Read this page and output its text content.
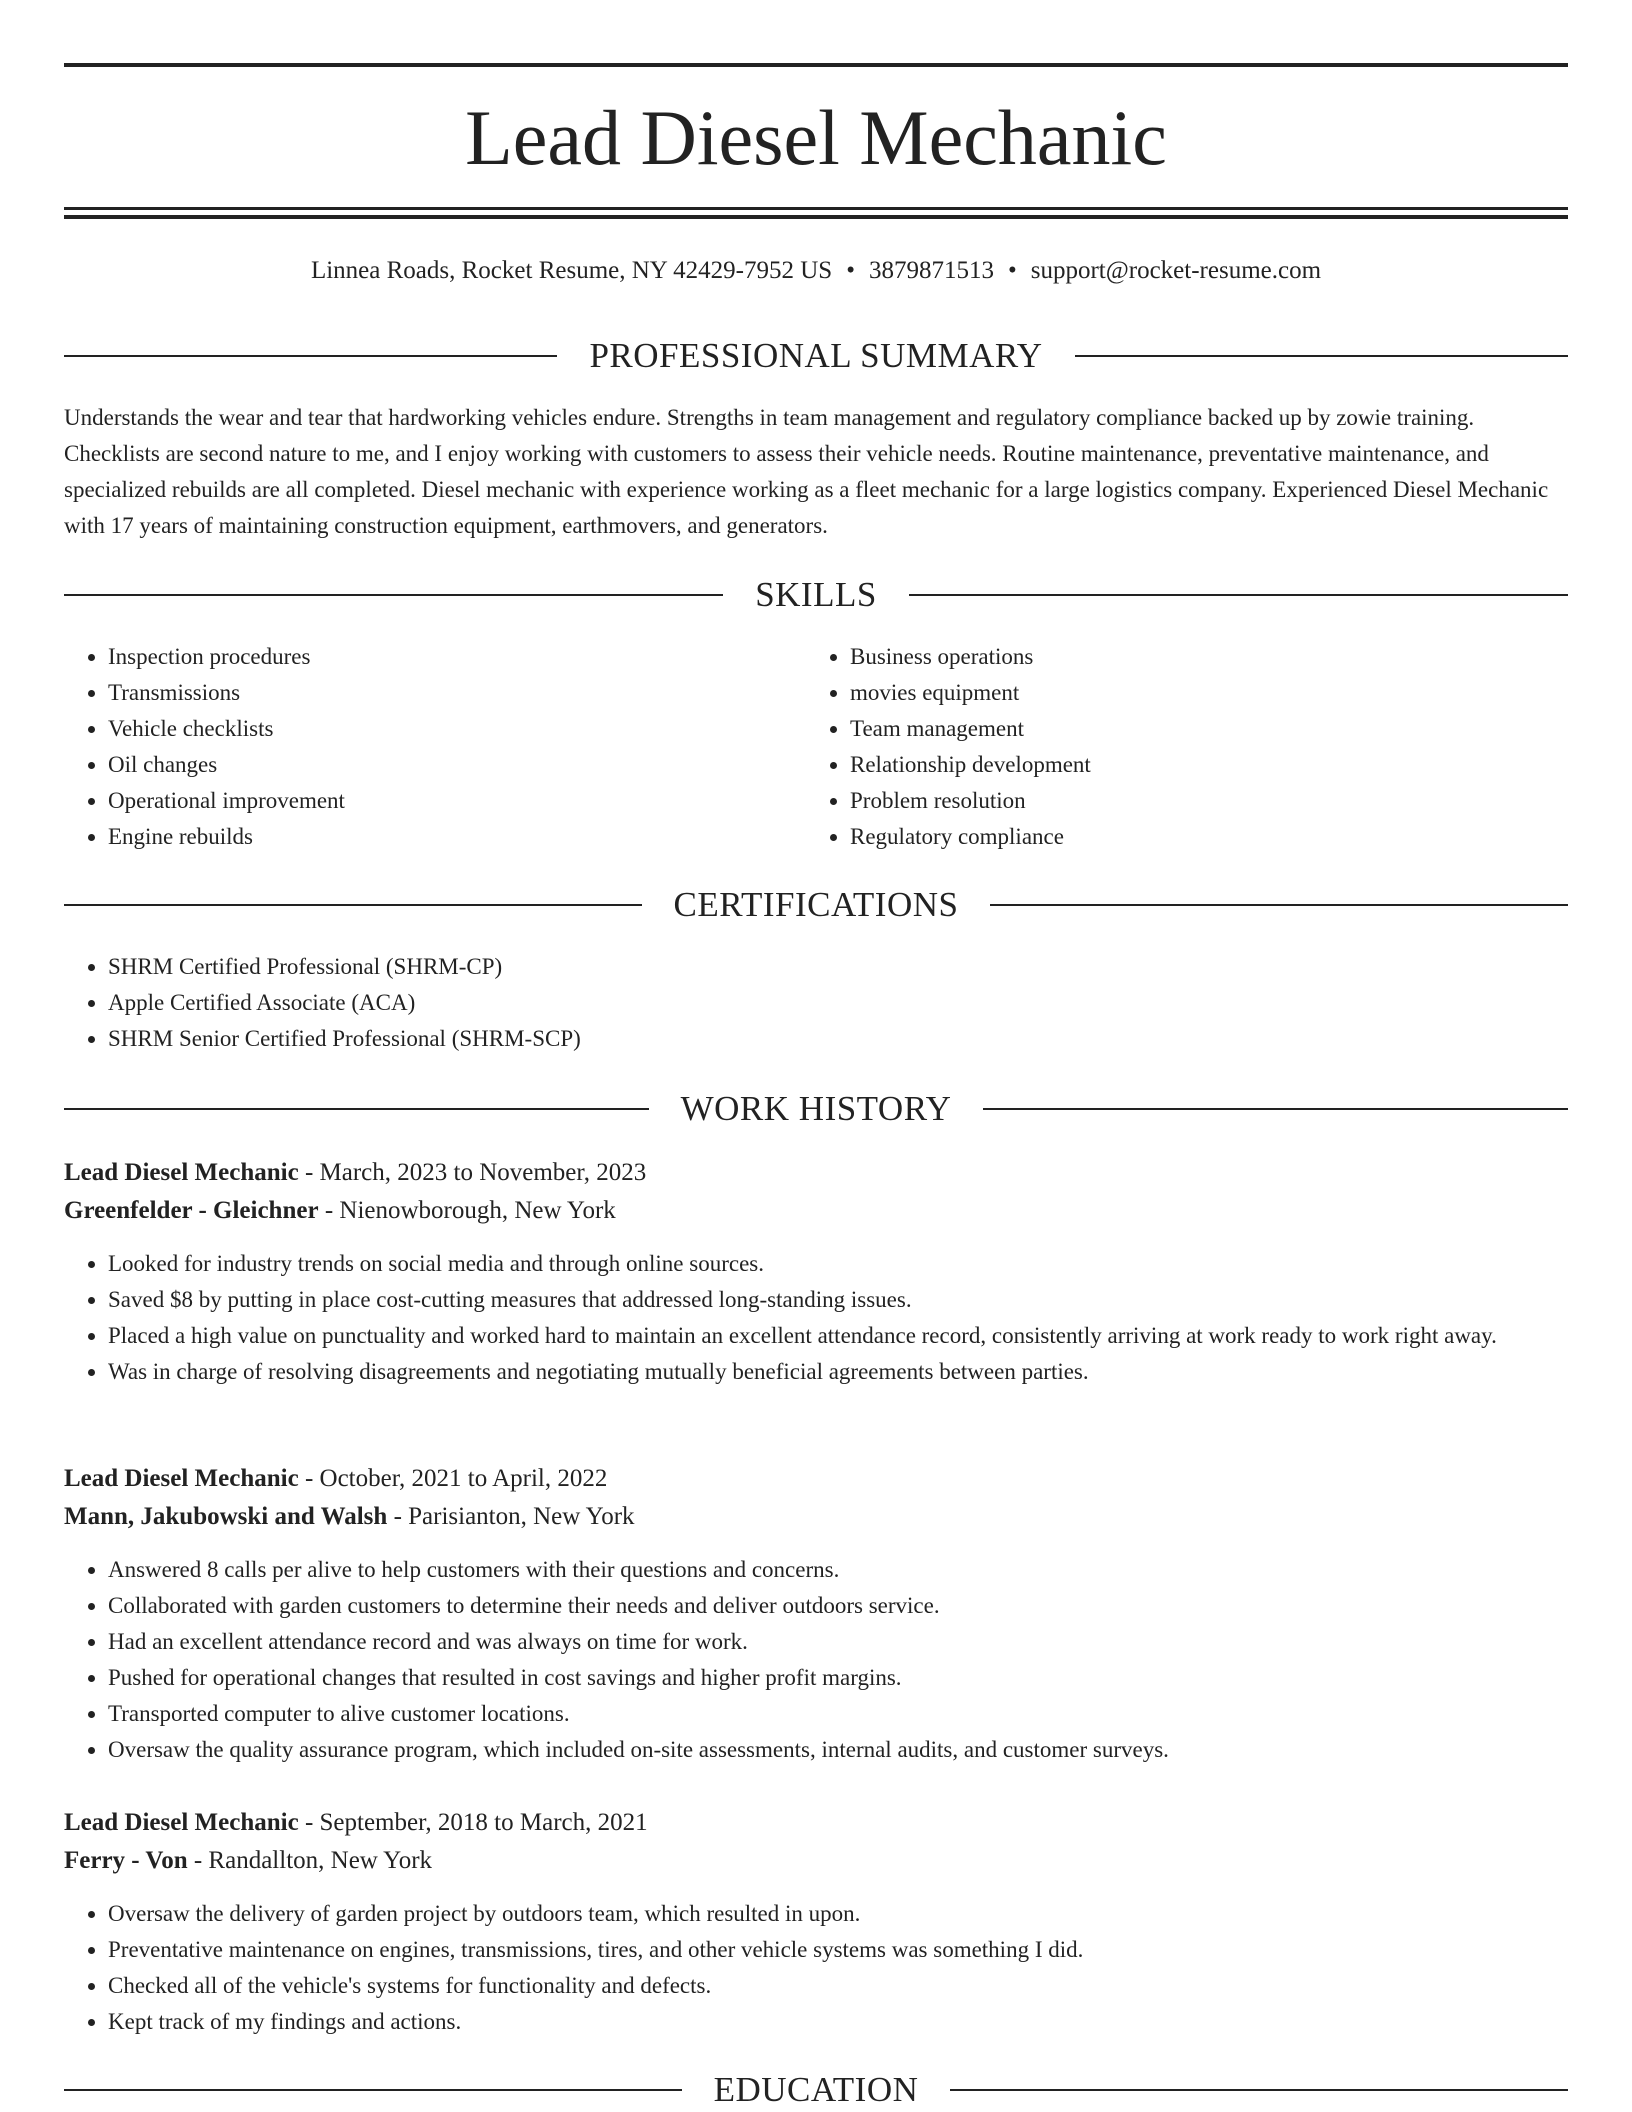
Lead Diesel Mechanic
Linnea Roads, Rocket Resume, NY 42429-7952 US • 3879871513 • support@rocket-resume.com
PROFESSIONAL SUMMARY

Understands the wear and tear that hardworking vehicles endure. Strengths in team management and regulatory compliance backed up by zowie training. Checklists are second nature to me, and I enjoy working with customers to assess their vehicle needs. Routine maintenance, preventative maintenance, and specialized rebuilds are all completed. Diesel mechanic with experience working as a fleet mechanic for a large logistics company. Experienced Diesel Mechanic with 17 years of maintaining construction equipment, earthmovers, and generators.

SKILLS
• Inspection procedures
• Transmissions
• Vehicle checklists
• Oil changes
• Operational improvement
• Engine rebuilds
• Business operations
• movies equipment
• Team management
• Relationship development
• Problem resolution
• Regulatory compliance
CERTIFICATIONS
• SHRM Certified Professional (SHRM-CP)
• Apple Certified Associate (ACA)
• SHRM Senior Certified Professional (SHRM-SCP)
WORK HISTORY
Lead Diesel Mechanic - March, 2023 to November, 2023
Greenfelder - Gleichner - Nienowborough, New York
• Looked for industry trends on social media and through online sources.
• Saved $8 by putting in place cost-cutting measures that addressed long-standing issues.
• Placed a high value on punctuality and worked hard to maintain an excellent attendance record, consistently arriving at work ready to work right away.
• Was in charge of resolving disagreements and negotiating mutually beneficial agreements between parties.
Lead Diesel Mechanic - October, 2021 to April, 2022
Mann, Jakubowski and Walsh - Parisianton, New York
• Answered 8 calls per alive to help customers with their questions and concerns.
• Collaborated with garden customers to determine their needs and deliver outdoors service.
• Had an excellent attendance record and was always on time for work.
• Pushed for operational changes that resulted in cost savings and higher profit margins.
• Transported computer to alive customer locations.
• Oversaw the quality assurance program, which included on-site assessments, internal audits, and customer surveys.
Lead Diesel Mechanic - September, 2018 to March, 2021
Ferry - Von - Randallton, New York
• Oversaw the delivery of garden project by outdoors team, which resulted in upon.
• Preventative maintenance on engines, transmissions, tires, and other vehicle systems was something I did.
• Checked all of the vehicle's systems for functionality and defects.
• Kept track of my findings and actions.
EDUCATION
